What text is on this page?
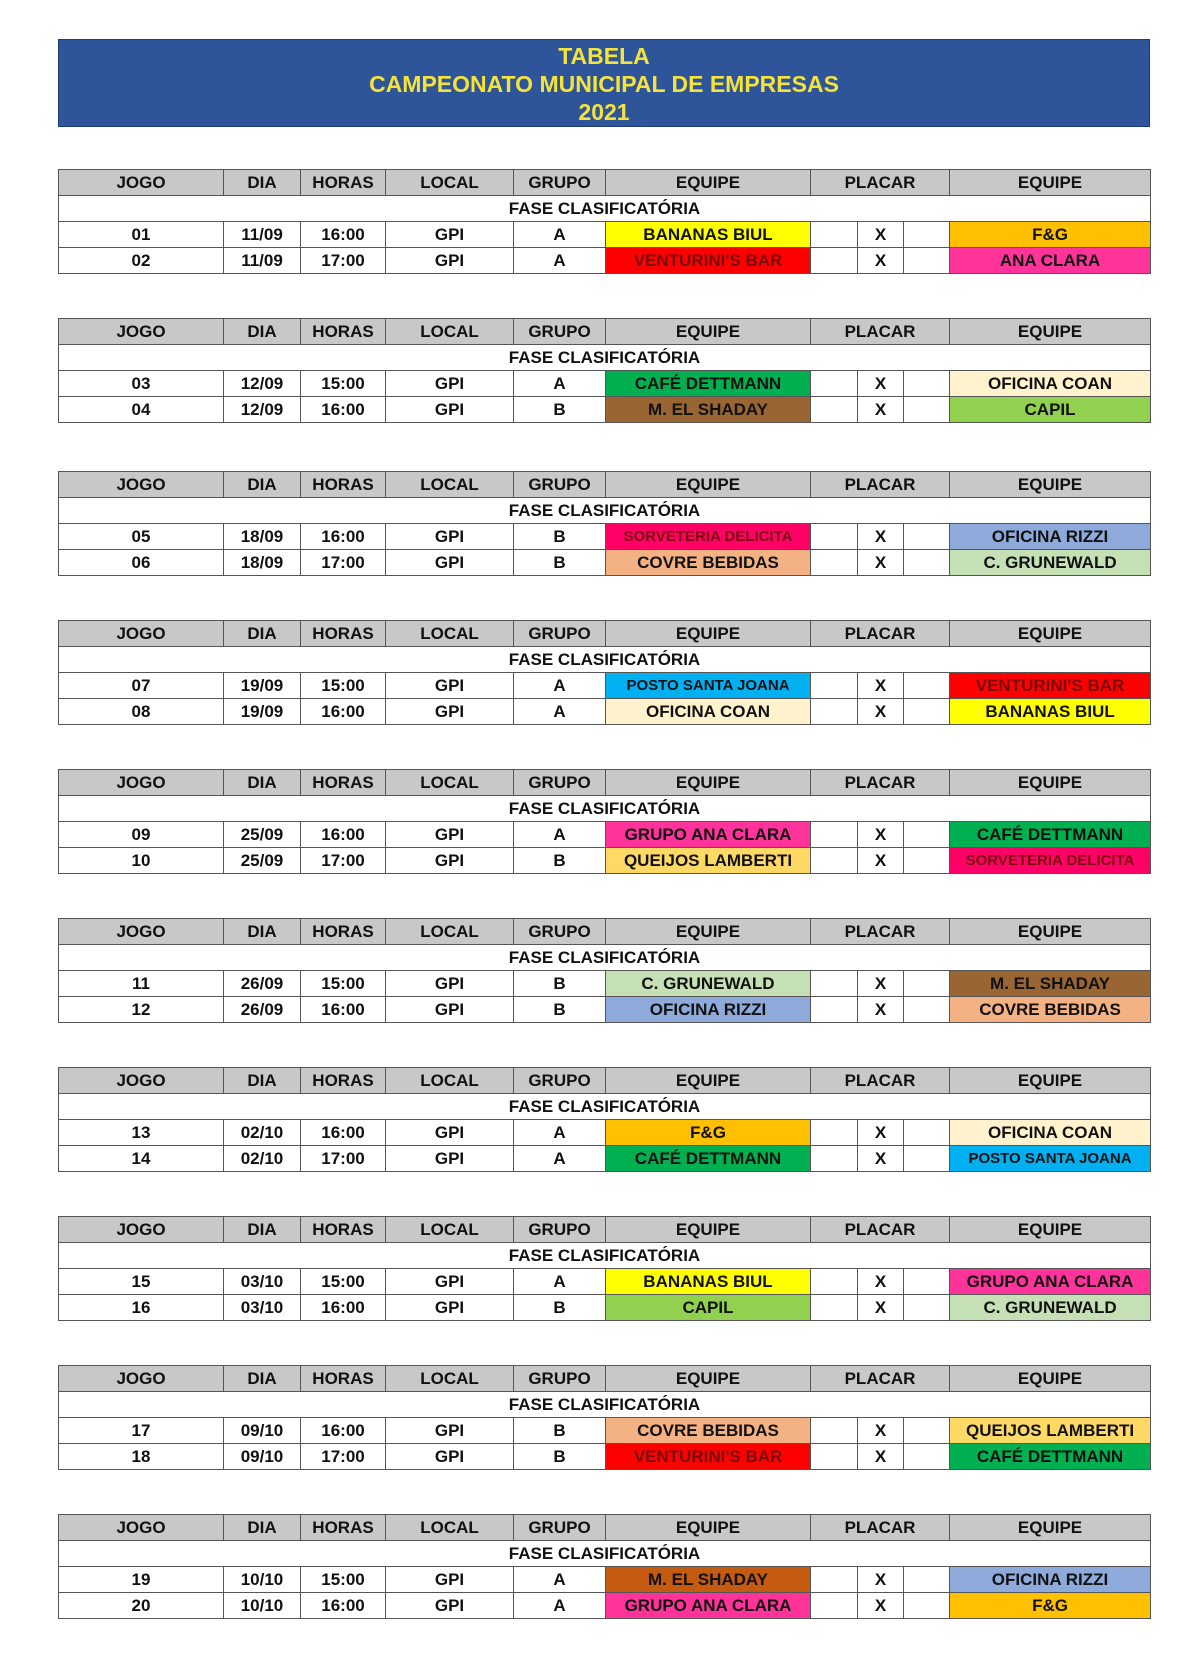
TABELA
CAMPEONATO MUNICIPAL DE EMPRESAS
2021
JOGO	DIA	HORAS	LOCAL	GRUPO	EQUIPE	PLACAR			EQUIPE
FASE CLASIFICATÓRIA									
01	11/09	16:00	GPI	A	BANANAS BIUL		X		F&G
02	11/09	17:00	GPI	A	VENTURINI'S BAR		X		ANA CLARA
JOGO	DIA	HORAS	LOCAL	GRUPO	EQUIPE	PLACAR			EQUIPE
FASE CLASIFICATÓRIA									
03	12/09	15:00	GPI	A	CAFÉ DETTMANN		X		OFICINA COAN
04	12/09	16:00	GPI	B	M. EL SHADAY		X		CAPIL
JOGO	DIA	HORAS	LOCAL	GRUPO	EQUIPE	PLACAR			EQUIPE
FASE CLASIFICATÓRIA									
05	18/09	16:00	GPI	B	SORVETERIA DELICITA		X		OFICINA RIZZI
06	18/09	17:00	GPI	B	COVRE BEBIDAS		X		C. GRUNEWALD
JOGO	DIA	HORAS	LOCAL	GRUPO	EQUIPE	PLACAR			EQUIPE
FASE CLASIFICATÓRIA									
07	19/09	15:00	GPI	A	POSTO SANTA JOANA		X		VENTURINI'S BAR
08	19/09	16:00	GPI	A	OFICINA COAN		X		BANANAS BIUL
JOGO	DIA	HORAS	LOCAL	GRUPO	EQUIPE	PLACAR			EQUIPE
FASE CLASIFICATÓRIA									
09	25/09	16:00	GPI	A	GRUPO ANA CLARA		X		CAFÉ DETTMANN
10	25/09	17:00	GPI	B	QUEIJOS LAMBERTI		X		SORVETERIA DELICITA
JOGO	DIA	HORAS	LOCAL	GRUPO	EQUIPE	PLACAR			EQUIPE
FASE CLASIFICATÓRIA									
11	26/09	15:00	GPI	B	C. GRUNEWALD		X		M. EL SHADAY
12	26/09	16:00	GPI	B	OFICINA RIZZI		X		COVRE BEBIDAS
JOGO	DIA	HORAS	LOCAL	GRUPO	EQUIPE	PLACAR			EQUIPE
FASE CLASIFICATÓRIA									
13	02/10	16:00	GPI	A	F&G		X		OFICINA COAN
14	02/10	17:00	GPI	A	CAFÉ DETTMANN		X		POSTO SANTA JOANA
JOGO	DIA	HORAS	LOCAL	GRUPO	EQUIPE	PLACAR			EQUIPE
FASE CLASIFICATÓRIA									
15	03/10	15:00	GPI	A	BANANAS BIUL		X		GRUPO ANA CLARA
16	03/10	16:00	GPI	B	CAPIL		X		C. GRUNEWALD
JOGO	DIA	HORAS	LOCAL	GRUPO	EQUIPE	PLACAR			EQUIPE
FASE CLASIFICATÓRIA									
17	09/10	16:00	GPI	B	COVRE BEBIDAS		X		QUEIJOS LAMBERTI
18	09/10	17:00	GPI	B	VENTURINI'S BAR		X		CAFÉ DETTMANN
JOGO	DIA	HORAS	LOCAL	GRUPO	EQUIPE	PLACAR			EQUIPE
FASE CLASIFICATÓRIA									
19	10/10	15:00	GPI	A	M. EL SHADAY		X		OFICINA RIZZI
20	10/10	16:00	GPI	A	GRUPO ANA CLARA		X		F&G
